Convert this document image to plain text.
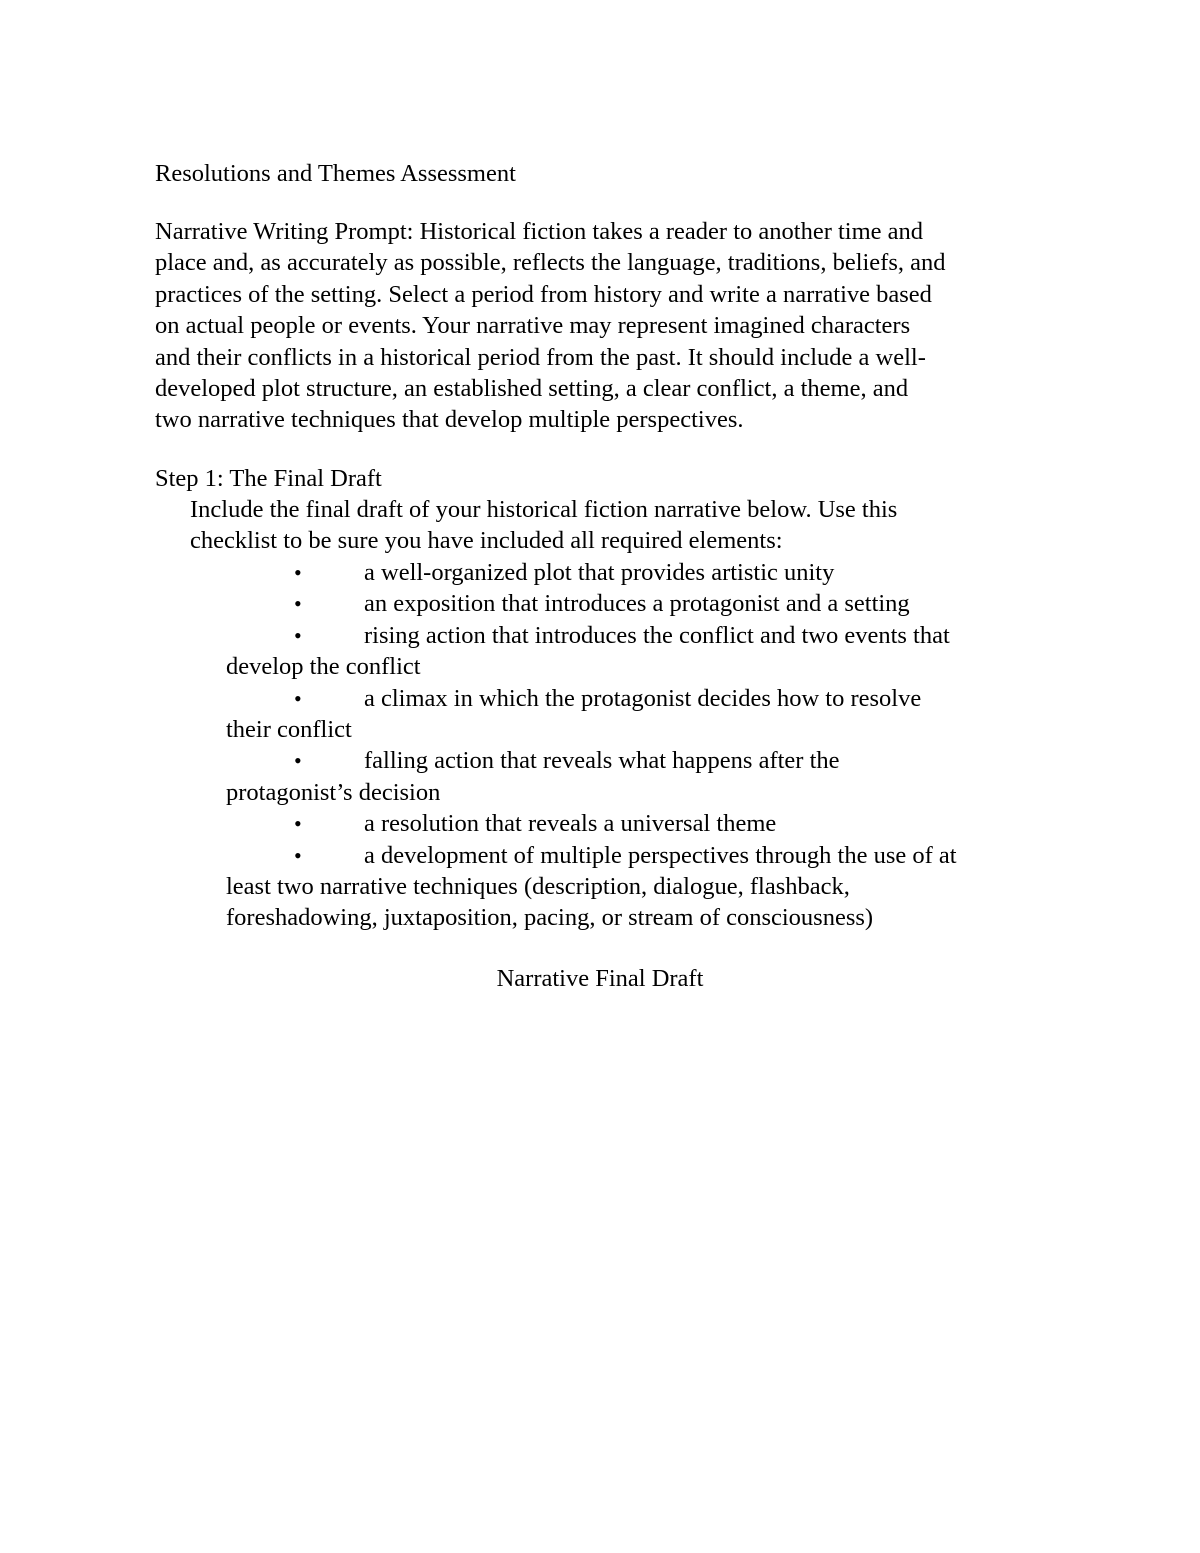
Resolutions and Themes Assessment
Narrative Writing Prompt: Historical fiction takes a reader to another time and
place and, as accurately as possible, reflects the language, traditions, beliefs, and
practices of the setting. Select a period from history and write a narrative based
on actual people or events. Your narrative may represent imagined characters
and their conflicts in a historical period from the past. It should include a well-
developed plot structure, an established setting, a clear conflict, a theme, and
two narrative techniques that develop multiple perspectives.
Step 1: The Final Draft
Include the final draft of your historical fiction narrative below. Use this
checklist to be sure you have included all required elements:
•	a well-organized plot that provides artistic unity
•	an exposition that introduces a protagonist and a setting
•	rising action that introduces the conflict and two events that
develop the conflict
•	a climax in which the protagonist decides how to resolve
their conflict
•	falling action that reveals what happens after the
protagonist’s decision
•	a resolution that reveals a universal theme
•	a development of multiple perspectives through the use of at
least two narrative techniques (description, dialogue, flashback,
foreshadowing, juxtaposition, pacing, or stream of consciousness)
Narrative Final Draft
